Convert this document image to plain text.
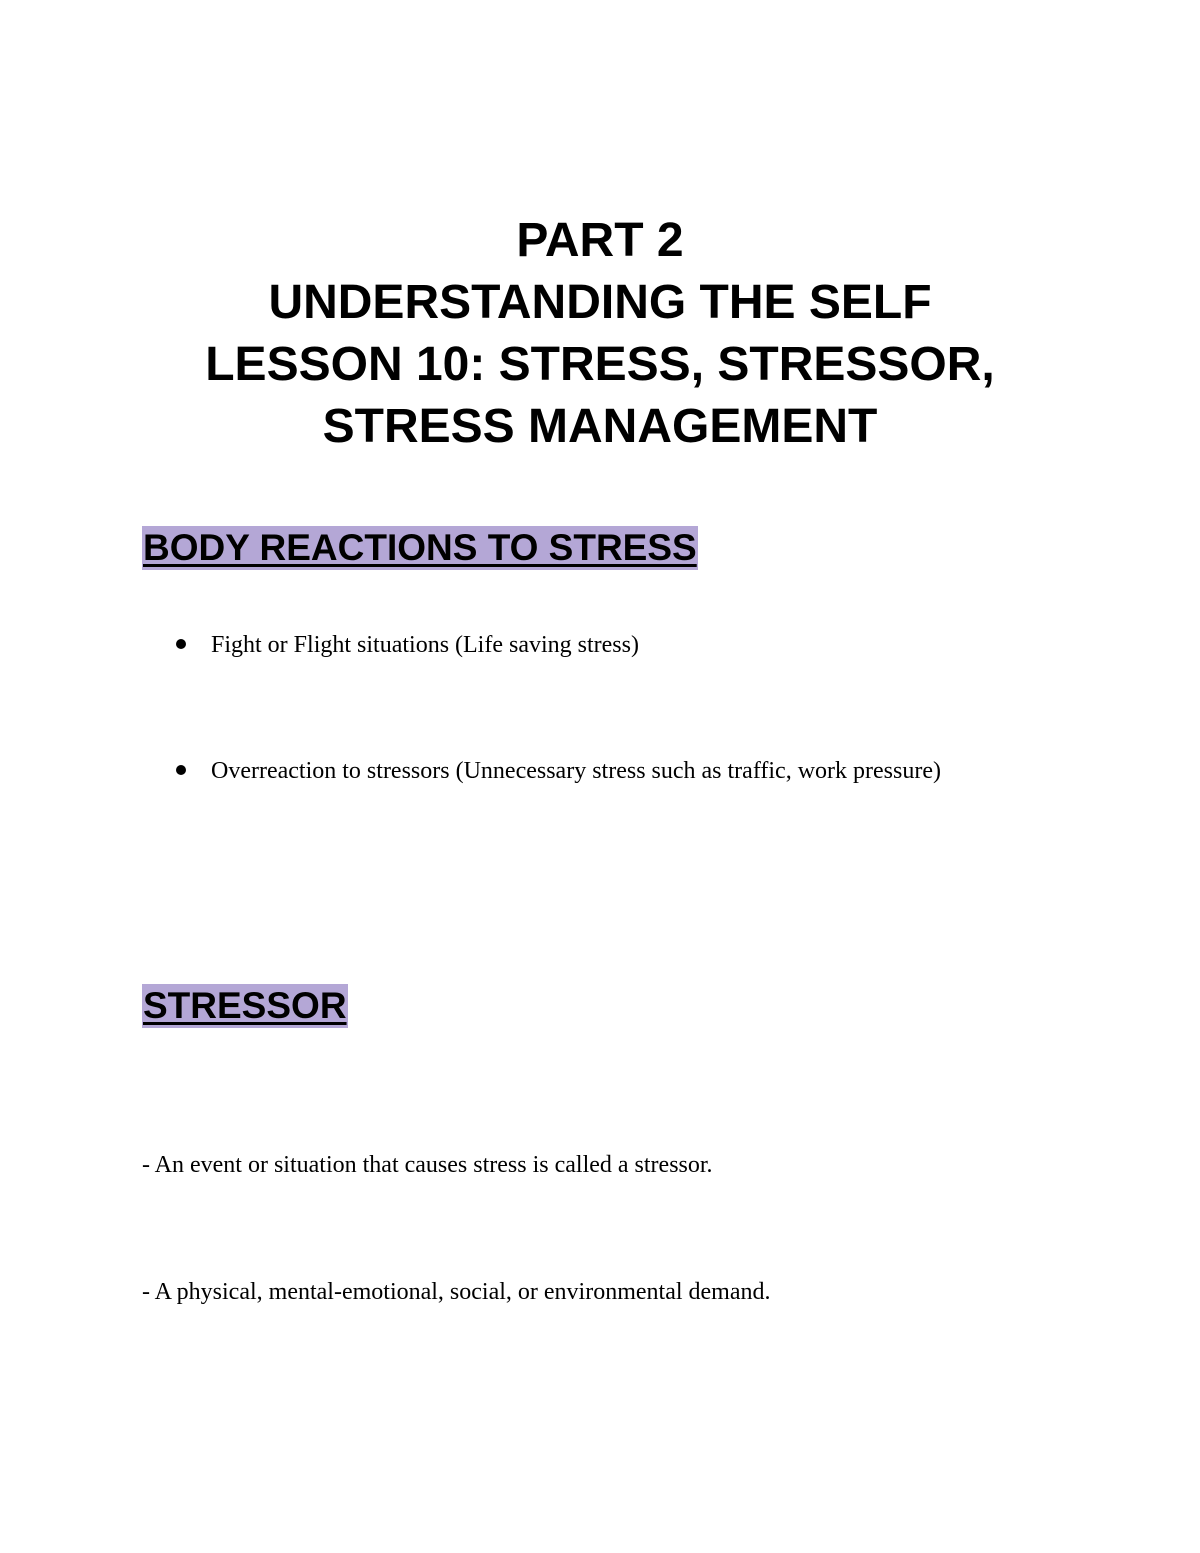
PART 2
UNDERSTANDING THE SELF
LESSON 10: STRESS, STRESSOR,
STRESS MANAGEMENT
BODY REACTIONS TO STRESS
Fight or Flight situations (Life saving stress)
Overreaction to stressors (Unnecessary stress such as traffic, work pressure)
STRESSOR
- An event or situation that causes stress is called a stressor.
- A physical, mental-emotional, social, or environmental demand.
